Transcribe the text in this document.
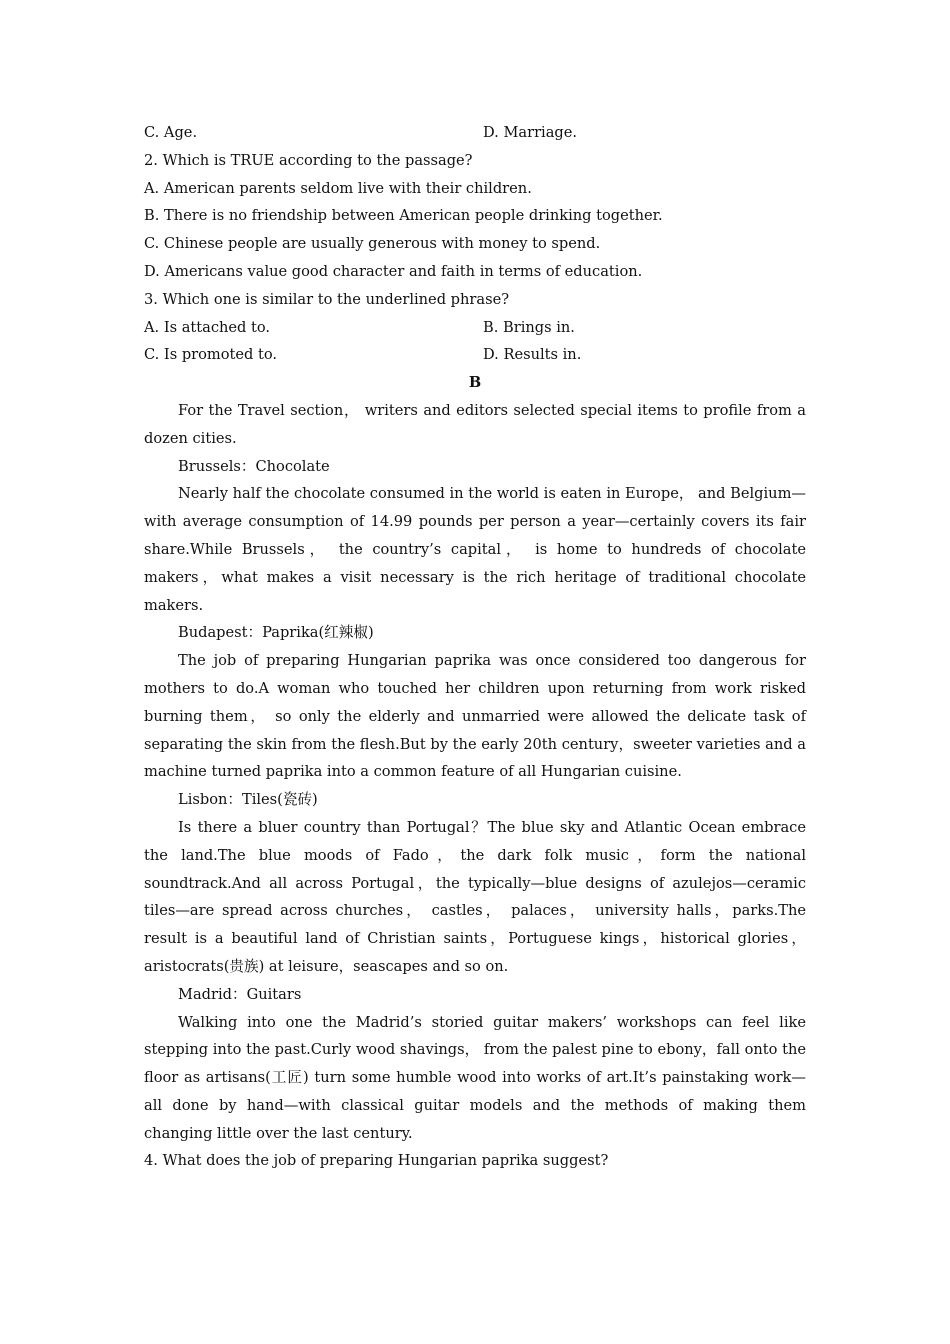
C. Age.	D. Marriage.
2. Which is TRUE according to the passage?
A. American parents seldom live with their children.
B. There is no friendship between American people drinking together.
C. Chinese people are usually generous with money to spend.
D. Americans value good character and faith in terms of education.
3. Which one is similar to the underlined phrase?
A. Is attached to.	B. Brings in.
C. Is promoted to.	D. Results in.
B

For the Travel section， writers and editors selected special items to profile from a dozen cities.

Brussels：Chocolate

Nearly half the chocolate consumed in the world is eaten in Europe， and Belgium—with average consumption of 14.99 pounds per person a year—certainly covers its fair share.While Brussels， the country’s capital， is home to hundreds of chocolate makers，what makes a visit necessary is the rich heritage of traditional chocolate makers.

Budapest：Paprika(红辣椒)

The job of preparing Hungarian paprika was once considered too dangerous for mothers to do.A woman who touched her children upon returning from work risked burning them， so only the elderly and unmarried were allowed the delicate task of separating the skin from the flesh.But by the early 20th century，sweeter varieties and a machine turned paprika into a common feature of all Hungarian cuisine.

Lisbon：Tiles(瓷砖)

Is there a bluer country than Portugal？The blue sky and Atlantic Ocean embrace the land.The blue moods of Fado，the dark folk music，form the national soundtrack.And all across Portugal，the typically—blue designs of azulejos—ceramic tiles—are spread across churches， castles， palaces， university halls，parks.The result is a beautiful land of Christian saints，Portuguese kings，historical glories，aristocrats(贵族) at leisure，seascapes and so on.

Madrid：Guitars

Walking into one the Madrid’s storied guitar makers’ workshops can feel like stepping into the past.Curly wood shavings， from the palest pine to ebony，fall onto the floor as artisans(工匠) turn some humble wood into works of art.It’s painstaking work—all done by hand—with classical guitar models and the methods of making them changing little over the last century.

4. What does the job of preparing Hungarian paprika suggest?
